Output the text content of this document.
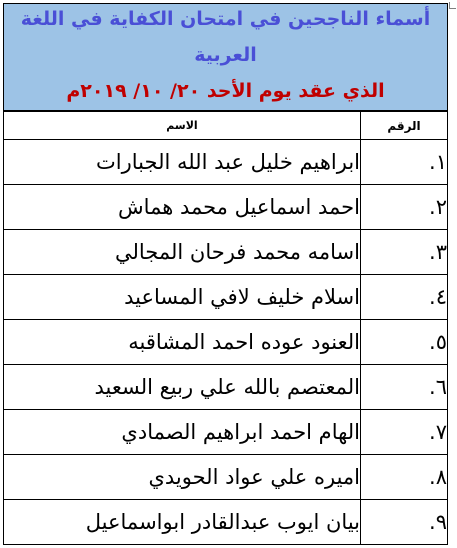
أسماء الناجحين في امتحان الكفاية في اللغة
العربية
الذي عقد يوم الأحد ٢٠/ ١٠/ ٢٠١٩م
الرقم	الاسم
١.	ابراهيم خليل عبد الله الجبارات
٢.	احمد اسماعيل محمد هماش
٣.	اسامه محمد فرحان المجالي
٤.	اسلام خليف لافي المساعيد
٥.	العنود عوده احمد المشاقبه
٦.	المعتصم بالله علي ربيع السعيد
٧.	الهام احمد ابراهيم الصمادي
٨.	اميره علي عواد الحويدي
٩.	بيان ايوب عبدالقادر ابواسماعيل
